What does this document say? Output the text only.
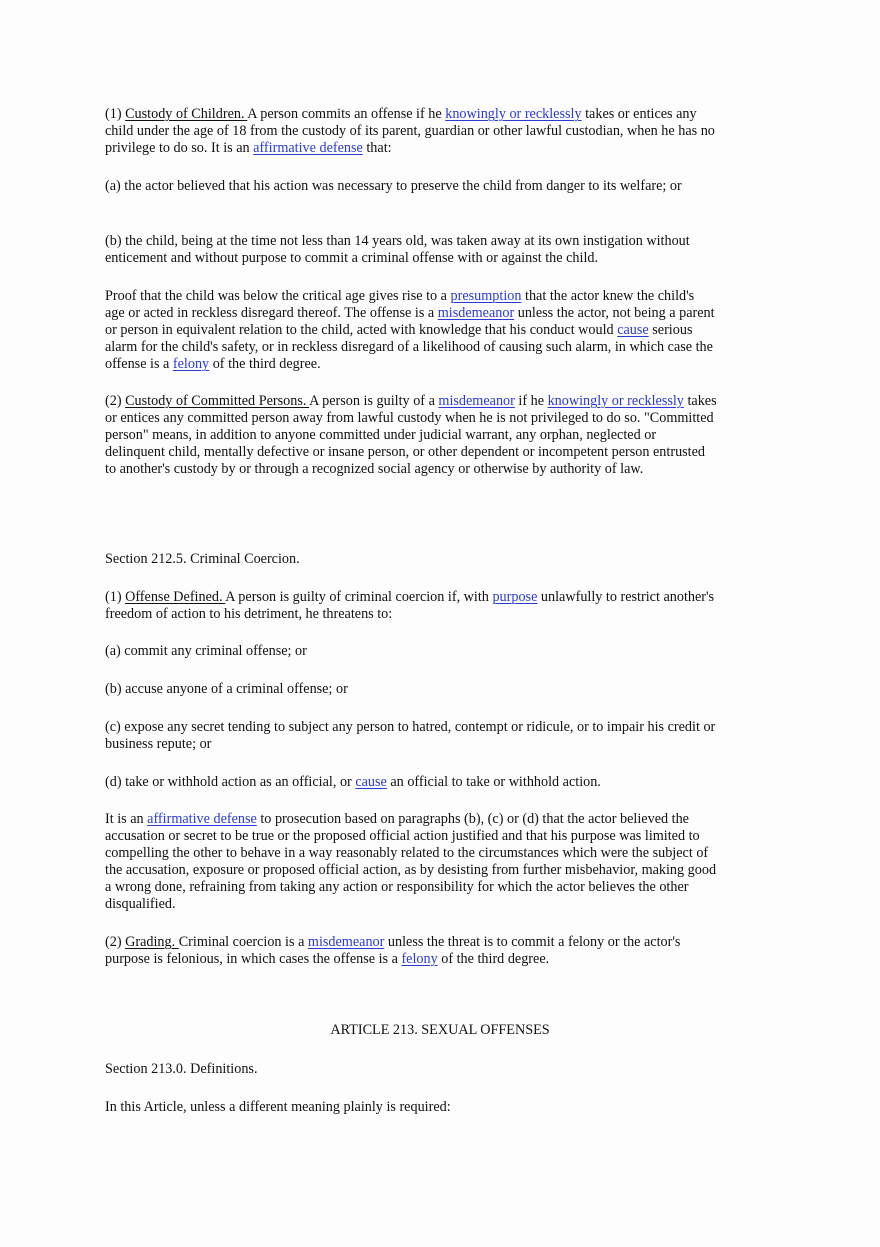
(1) Custody of Children. A person commits an offense if he knowingly or recklessly takes or entices any child under the age of 18 from the custody of its parent, guardian or other lawful custodian, when he has no privilege to do so. It is an affirmative defense that:

(a) the actor believed that his action was necessary to preserve the child from danger to its welfare; or

(b) the child, being at the time not less than 14 years old, was taken away at its own instigation without enticement and without purpose to commit a criminal offense with or against the child.

Proof that the child was below the critical age gives rise to a presumption that the actor knew the child's age or acted in reckless disregard thereof. The offense is a misdemeanor unless the actor, not being a parent or person in equivalent relation to the child, acted with knowledge that his conduct would cause serious alarm for the child's safety, or in reckless disregard of a likelihood of causing such alarm, in which case the offense is a felony of the third degree.

(2) Custody of Committed Persons. A person is guilty of a misdemeanor if he knowingly or recklessly takes or entices any committed person away from lawful custody when he is not privileged to do so. "Committed person" means, in addition to anyone committed under judicial warrant, any orphan, neglected or delinquent child, mentally defective or insane person, or other dependent or incompetent person entrusted to another's custody by or through a recognized social agency or otherwise by authority of law.

Section 212.5. Criminal Coercion.

(1) Offense Defined. A person is guilty of criminal coercion if, with purpose unlawfully to restrict another's freedom of action to his detriment, he threatens to:

(a) commit any criminal offense; or

(b) accuse anyone of a criminal offense; or

(c) expose any secret tending to subject any person to hatred, contempt or ridicule, or to impair his credit or business repute; or

(d) take or withhold action as an official, or cause an official to take or withhold action.

It is an affirmative defense to prosecution based on paragraphs (b), (c) or (d) that the actor believed the accusation or secret to be true or the proposed official action justified and that his purpose was limited to compelling the other to behave in a way reasonably related to the circumstances which were the subject of the accusation, exposure or proposed official action, as by desisting from further misbehavior, making good a wrong done, refraining from taking any action or responsibility for which the actor believes the other disqualified.

(2) Grading. Criminal coercion is a misdemeanor unless the threat is to commit a felony or the actor's purpose is felonious, in which cases the offense is a felony of the third degree.

ARTICLE 213. SEXUAL OFFENSES

Section 213.0. Definitions.

In this Article, unless a different meaning plainly is required:
